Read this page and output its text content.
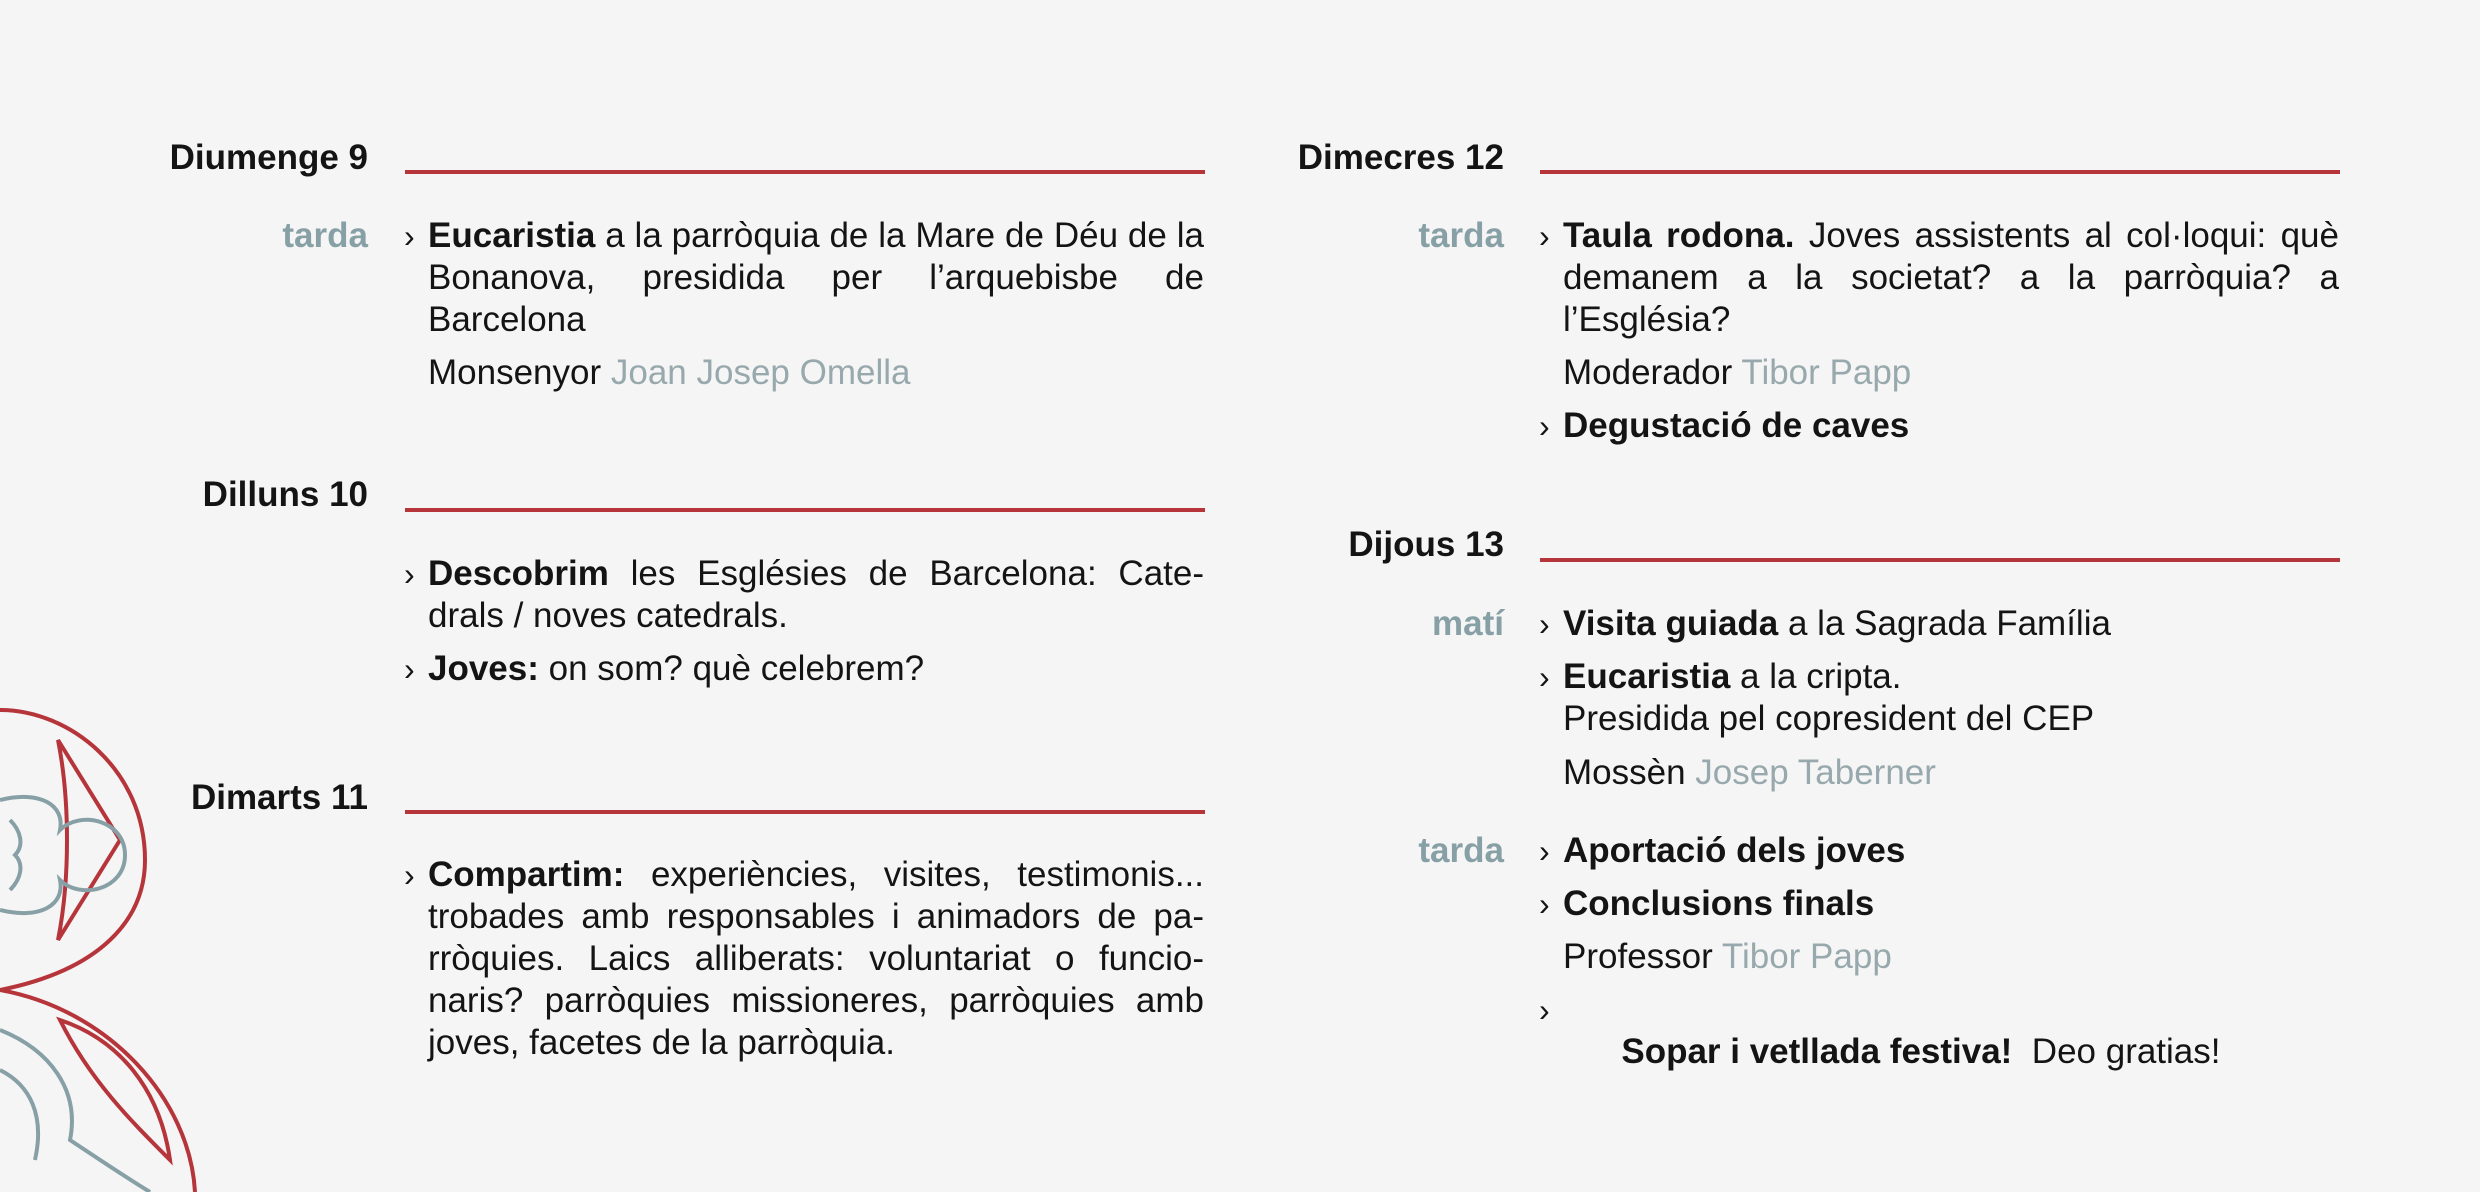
Diumenge 9
tarda › Eucaristia a la parròquia de la Mare de Déu de la Bonanova, presidida per l’arquebisbe de Barcelona
Monsenyor Joan Josep Omella
Dilluns 10
› Descobrim les Esglésies de Barcelona: Cate- drals / noves catedrals.
› Joves: on som? què celebrem?
Dimarts 11
› Compartim: experiències, visites, testimonis... trobades amb responsables i animadors de pa- rròquies. Laics alliberats: voluntariat o funcio- naris? parròquies missioneres, parròquies amb joves, facetes de la parròquia.
Dimecres 12
tarda › Taula rodona. Joves assistents al col·loqui: què demanem a la societat? a la parròquia? a l’Església?
Moderador Tibor Papp
› Degustació de caves
Dijous 13
matí › Visita guiada a la Sagrada Família
› Eucaristia a la cripta.
Presidida pel copresident del CEP
Mossèn Josep Taberner
tarda › Aportació dels joves
› Conclusions finals
Professor Tibor Papp

›
Sopar i vetllada festiva!  Deo gratias!
